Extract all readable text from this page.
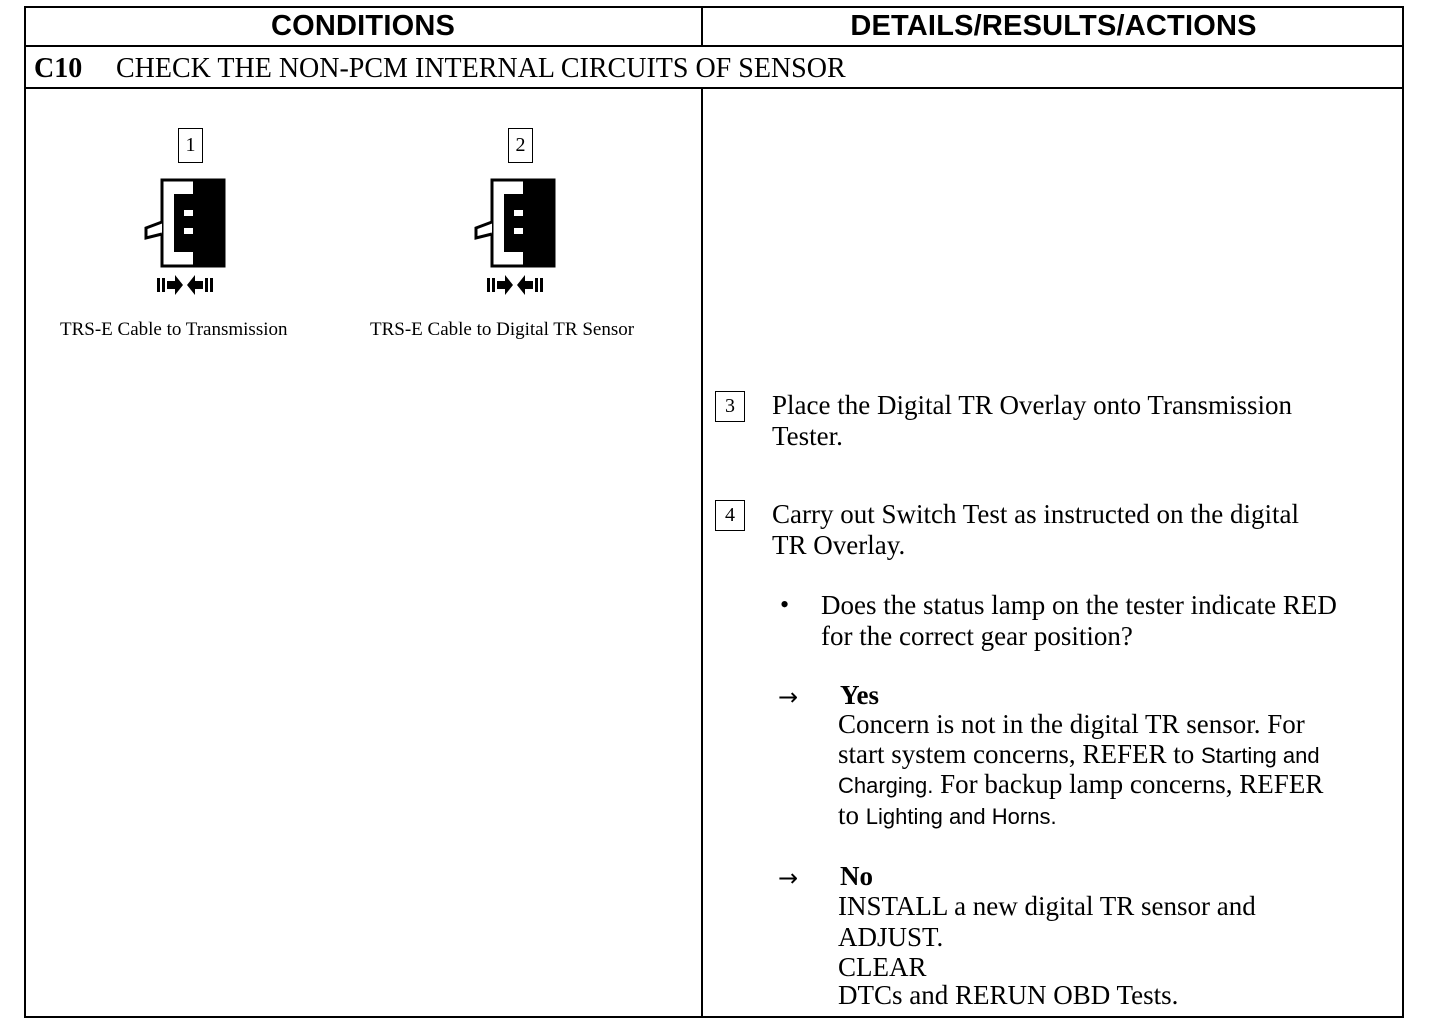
CONDITIONS	DETAILS/RESULTS/ACTIONS
C10	CHECK THE NON-PCM INTERNAL CIRCUITS OF SENSOR
1
TRS-E Cable to Transmission
2
TRS-E Cable to Digital TR Sensor
3 Place the Digital TR Overlay onto Transmission
Tester.
4 Carry out Switch Test as instructed on the digital
TR Overlay.
• Does the status lamp on the tester indicate RED
for the correct gear position?
→ Yes
Concern is not in the digital TR sensor. For
start system concerns, REFER to Starting and
Charging. For backup lamp concerns, REFER
to Lighting and Horns.
→ No
INSTALL a new digital TR sensor and
ADJUST.
CLEAR
DTCs and RERUN OBD Tests.
